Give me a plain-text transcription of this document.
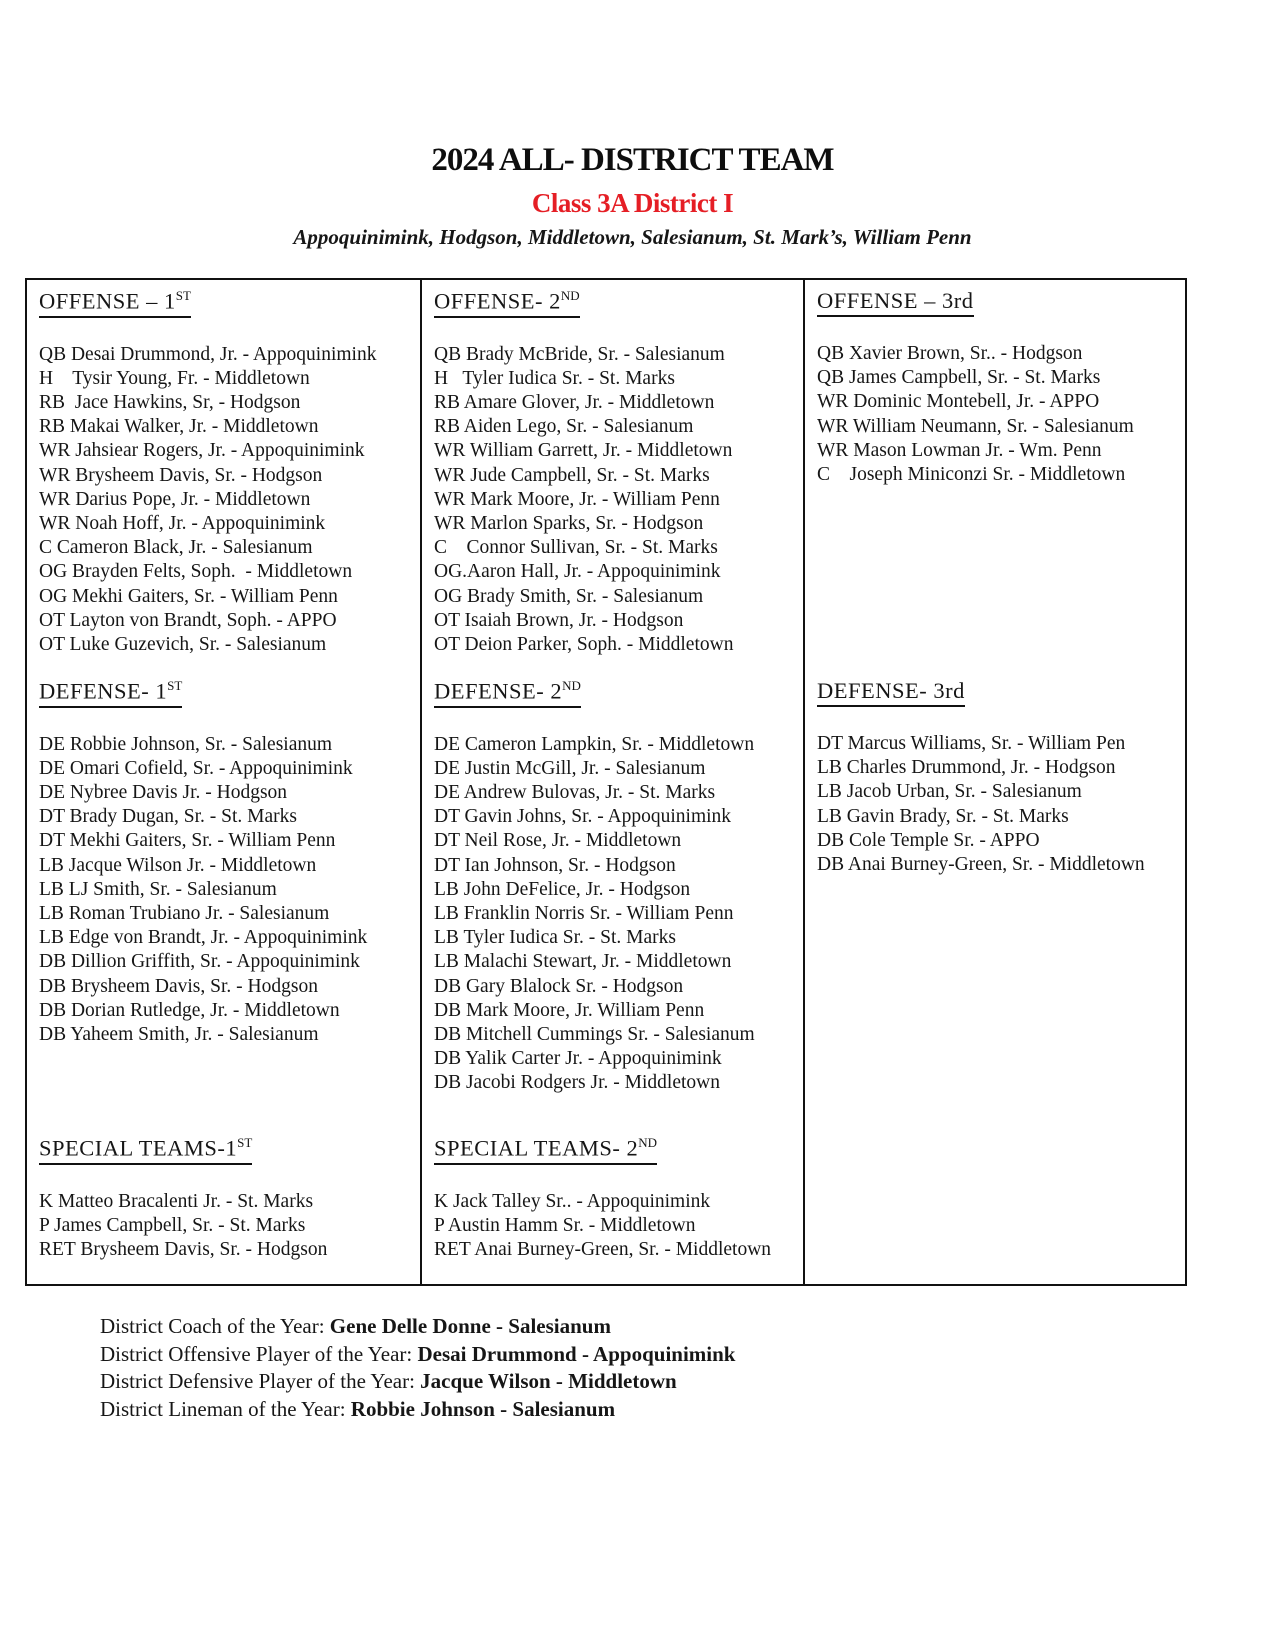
2024 ALL- DISTRICT TEAM
Class 3A District I
Appoquinimink, Hodgson, Middletown, Salesianum, St. Mark’s, William Penn
OFFENSE – 1ST
QB Desai Drummond, Jr. - Appoquinimink
H    Tysir Young, Fr. - Middletown
RB  Jace Hawkins, Sr, - Hodgson
RB Makai Walker, Jr. - Middletown
WR Jahsiear Rogers, Jr. - Appoquinimink
WR Brysheem Davis, Sr. - Hodgson
WR Darius Pope, Jr. - Middletown
WR Noah Hoff, Jr. - Appoquinimink
C Cameron Black, Jr. - Salesianum
OG Brayden Felts, Soph.  - Middletown
OG Mekhi Gaiters, Sr. - William Penn
OT Layton von Brandt, Soph. - APPO
OT Luke Guzevich, Sr. - Salesianum
DEFENSE- 1ST
DE Robbie Johnson, Sr. - Salesianum
DE Omari Cofield, Sr. - Appoquinimink
DE Nybree Davis Jr. - Hodgson
DT Brady Dugan, Sr. - St. Marks
DT Mekhi Gaiters, Sr. - William Penn
LB Jacque Wilson Jr. - Middletown
LB LJ Smith, Sr. - Salesianum
LB Roman Trubiano Jr. - Salesianum
LB Edge von Brandt, Jr. - Appoquinimink
DB Dillion Griffith, Sr. - Appoquinimink
DB Brysheem Davis, Sr. - Hodgson
DB Dorian Rutledge, Jr. - Middletown
DB Yaheem Smith, Jr. - Salesianum
SPECIAL TEAMS-1ST
K Matteo Bracalenti Jr. - St. Marks
P James Campbell, Sr. - St. Marks
RET Brysheem Davis, Sr. - Hodgson
OFFENSE- 2ND
QB Brady McBride, Sr. - Salesianum
H   Tyler Iudica Sr. - St. Marks
RB Amare Glover, Jr. - Middletown
RB Aiden Lego, Sr. - Salesianum
WR William Garrett, Jr. - Middletown
WR Jude Campbell, Sr. - St. Marks
WR Mark Moore, Jr. - William Penn
WR Marlon Sparks, Sr. - Hodgson
C    Connor Sullivan, Sr. - St. Marks
OG.Aaron Hall, Jr. - Appoquinimink
OG Brady Smith, Sr. - Salesianum
OT Isaiah Brown, Jr. - Hodgson
OT Deion Parker, Soph. - Middletown
DEFENSE- 2ND
DE Cameron Lampkin, Sr. - Middletown
DE Justin McGill, Jr. - Salesianum
DE Andrew Bulovas, Jr. - St. Marks
DT Gavin Johns, Sr. - Appoquinimink
DT Neil Rose, Jr. - Middletown
DT Ian Johnson, Sr. - Hodgson
LB John DeFelice, Jr. - Hodgson
LB Franklin Norris Sr. - William Penn
LB Tyler Iudica Sr. - St. Marks
LB Malachi Stewart, Jr. - Middletown
DB Gary Blalock Sr. - Hodgson
DB Mark Moore, Jr. William Penn
DB Mitchell Cummings Sr. - Salesianum
DB Yalik Carter Jr. - Appoquinimink
DB Jacobi Rodgers Jr. - Middletown
SPECIAL TEAMS- 2ND
K Jack Talley Sr.. - Appoquinimink
P Austin Hamm Sr. - Middletown
RET Anai Burney-Green, Sr. - Middletown
OFFENSE – 3rd
QB Xavier Brown, Sr.. - Hodgson
QB James Campbell, Sr. - St. Marks
WR Dominic Montebell, Jr. - APPO
WR William Neumann, Sr. - Salesianum
WR Mason Lowman Jr. - Wm. Penn
C    Joseph Miniconzi Sr. - Middletown
DEFENSE- 3rd
DT Marcus Williams, Sr. - William Pen
LB Charles Drummond, Jr. - Hodgson
LB Jacob Urban, Sr. - Salesianum
LB Gavin Brady, Sr. - St. Marks
DB Cole Temple Sr. - APPO
DB Anai Burney-Green, Sr. - Middletown
District Coach of the Year: Gene Delle Donne - Salesianum
District Offensive Player of the Year: Desai Drummond - Appoquinimink
District Defensive Player of the Year: Jacque Wilson - Middletown
District Lineman of the Year: Robbie Johnson - Salesianum
